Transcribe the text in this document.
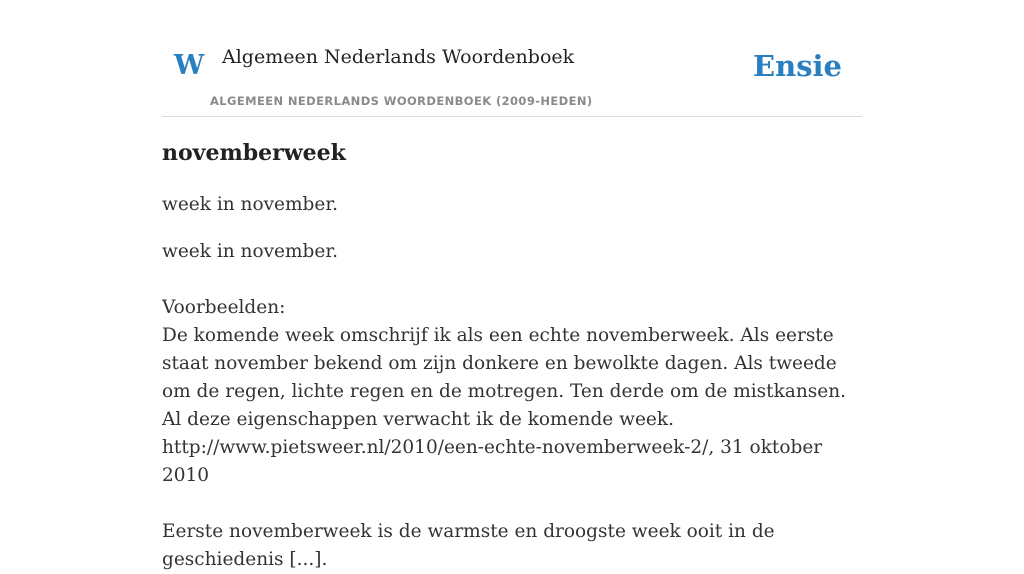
W Algemeen Nederlands Woordenboek
ALGEMEEN NEDERLANDS WOORDENBOEK (2009-HEDEN)
Ensie
novemberweek

week in november.

week in november.

Voorbeelden:
De komende week omschrijf ik als een echte novemberweek. Als eerste staat november bekend om zijn donkere en bewolkte dagen. Als tweede om de regen, lichte regen en de motregen. Ten derde om de mistkansen. Al deze eigenschappen verwacht ik de komende week.
http://www.pietsweer.nl/2010/een-echte-novemberweek-2/, 31 oktober 2010
Eerste novemberweek is de warmste en droogste week ooit in de geschiedenis [...].
